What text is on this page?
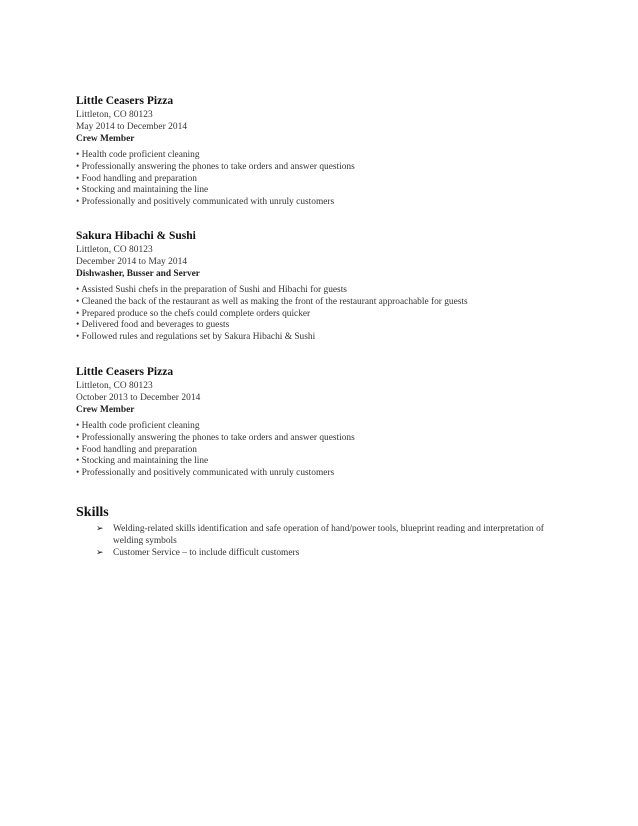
Little Ceasers Pizza
Littleton, CO 80123
May 2014 to December 2014
Crew Member
• Health code proficient cleaning
• Professionally answering the phones to take orders and answer questions
• Food handling and preparation
• Stocking and maintaining the line
• Professionally and positively communicated with unruly customers
Sakura Hibachi & Sushi
Littleton, CO 80123
December 2014 to May 2014
Dishwasher, Busser and Server
• Assisted Sushi chefs in the preparation of Sushi and Hibachi for guests
• Cleaned the back of the restaurant as well as making the front of the restaurant approachable for guests
• Prepared produce so the chefs could complete orders quicker
• Delivered food and beverages to guests
• Followed rules and regulations set by Sakura Hibachi & Sushi
Little Ceasers Pizza
Littleton, CO 80123
October 2013 to December 2014
Crew Member
• Health code proficient cleaning
• Professionally answering the phones to take orders and answer questions
• Food handling and preparation
• Stocking and maintaining the line
• Professionally and positively communicated with unruly customers
Skills
➢ Welding-related skills identification and safe operation of hand/power tools, blueprint reading and interpretation of welding symbols
➢ Customer Service – to include difficult customers
